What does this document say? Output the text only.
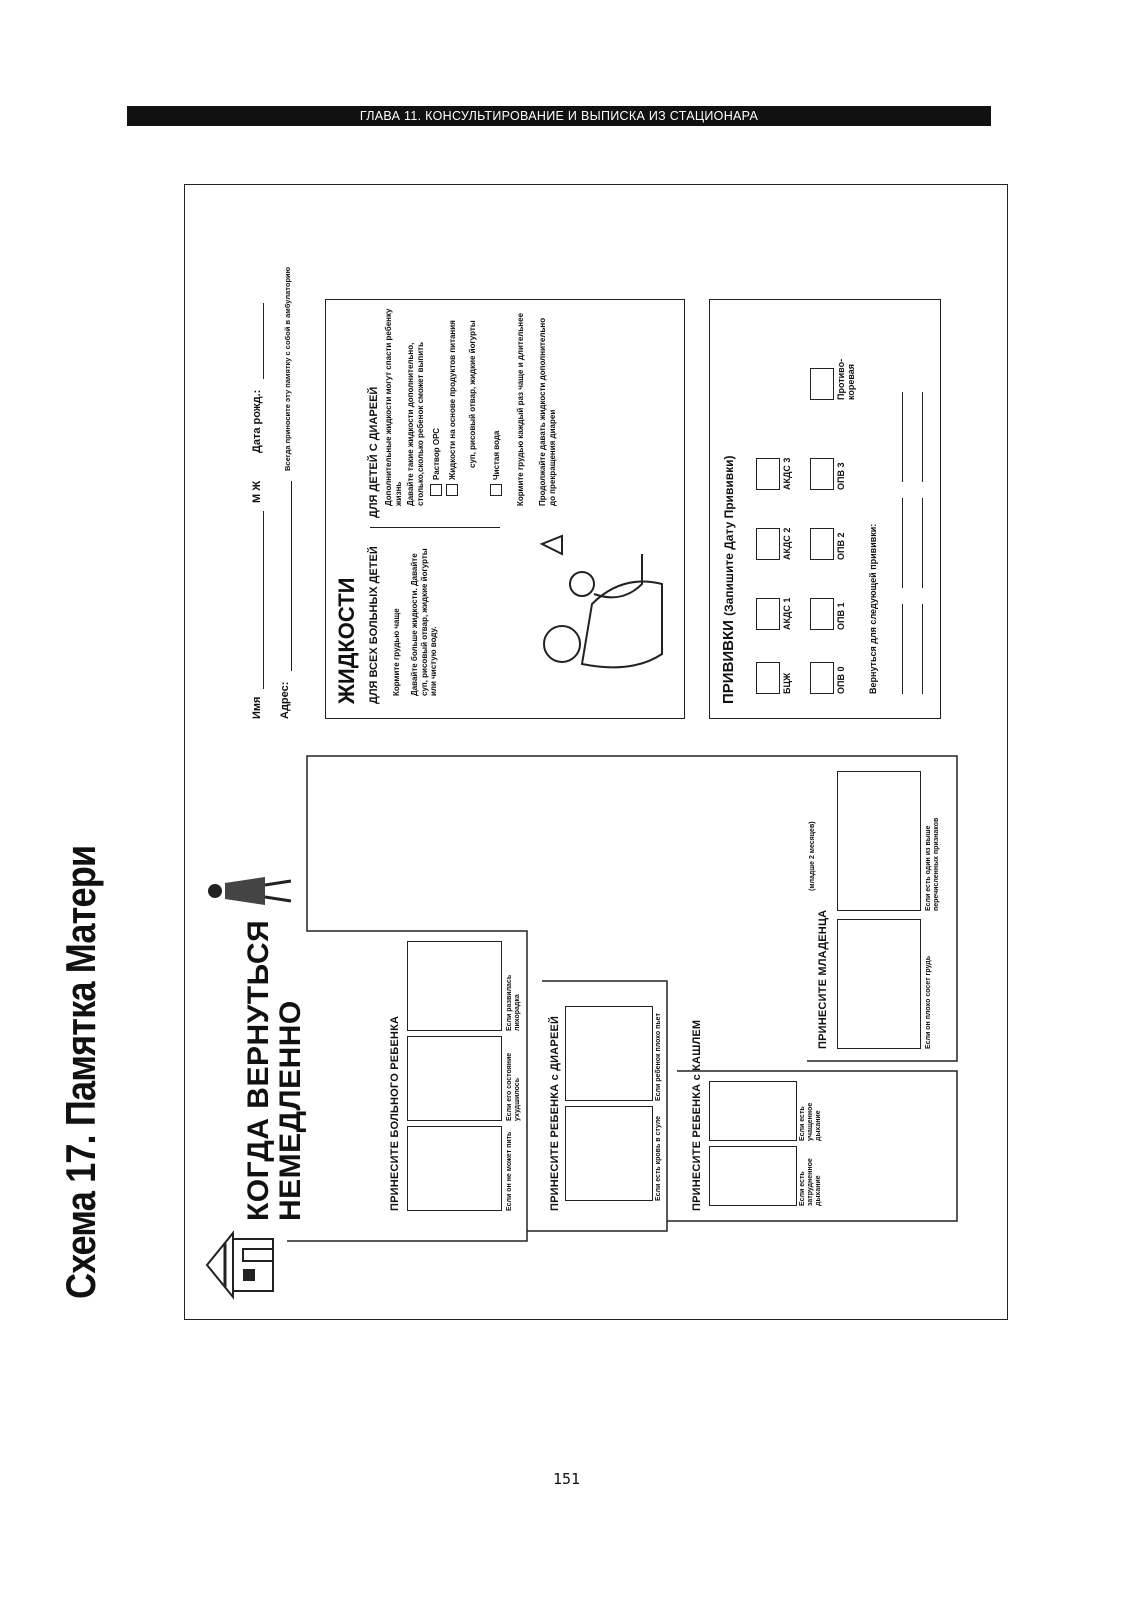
ГЛАВА 11. КОНСУЛЬТИРОВАНИЕ И ВЫПИСКА ИЗ СТАЦИОНАРА
Схема 17. Памятка Матери	КОГДА ВЕРНУТЬСЯ НЕМЕДЛЕННО	ПРИНЕСИТЕ БОЛЬНОГО РЕБЕНКА	Если он не может пить
Если его состояние ухудшилось
Если развилась лихорадка
ПРИНЕСИТЕ РЕБЕНКА с ДИАРЕЕЙ	Если есть кровь в стуле
Если ребенок плохо пьет	ПРИНЕСИТЕ РЕБЕНКА с КАШЛЕМ	Если есть затрудненное дыхание
Если есть учащенное дыхание
ПРИНЕСИТЕ МЛАДЕНЦА
(младше 2 месяцев)
Если он плохо сосет грудь
Если есть один из выше перечисленных признаков
Имя
М Ж
Дата рожд.:
Адрес:
Всегда приносите эту памятку с собой в амбулаторию
ЖИДКОСТИ ДЛЯ ВСЕХ БОЛЬНЫХ ДЕТЕЙ Кормите грудью чаще Давайте больше жидкости. Давайте суп, рисовый отвар, жидкие йогурты или чистую воду.
ДЛЯ ДЕТЕЙ С ДИАРЕЕЙ Дополнительные жидкости могут спасти ребенку жизнь Давайте такие жидкости дополнительно, столько,сколько ребенок сможет выпить Раствор ОРС Жидкости на основе продуктов питания суп, рисовый отвар, жидкие йогурты Чистая вода Кормите грудью каждый раз чаще и длительнее Продолжайте давать жидкости дополнительно до прекращения диареи
ПРИВИВКИ (Запишите Дату Прививки)
БЦЖ
АКДС 1
АКДС 2
АКДС 3
ОПВ 0
ОПВ 1
ОПВ 2
ОПВ 3
Противо-коревая
Вернуться для следующей прививки:
151
